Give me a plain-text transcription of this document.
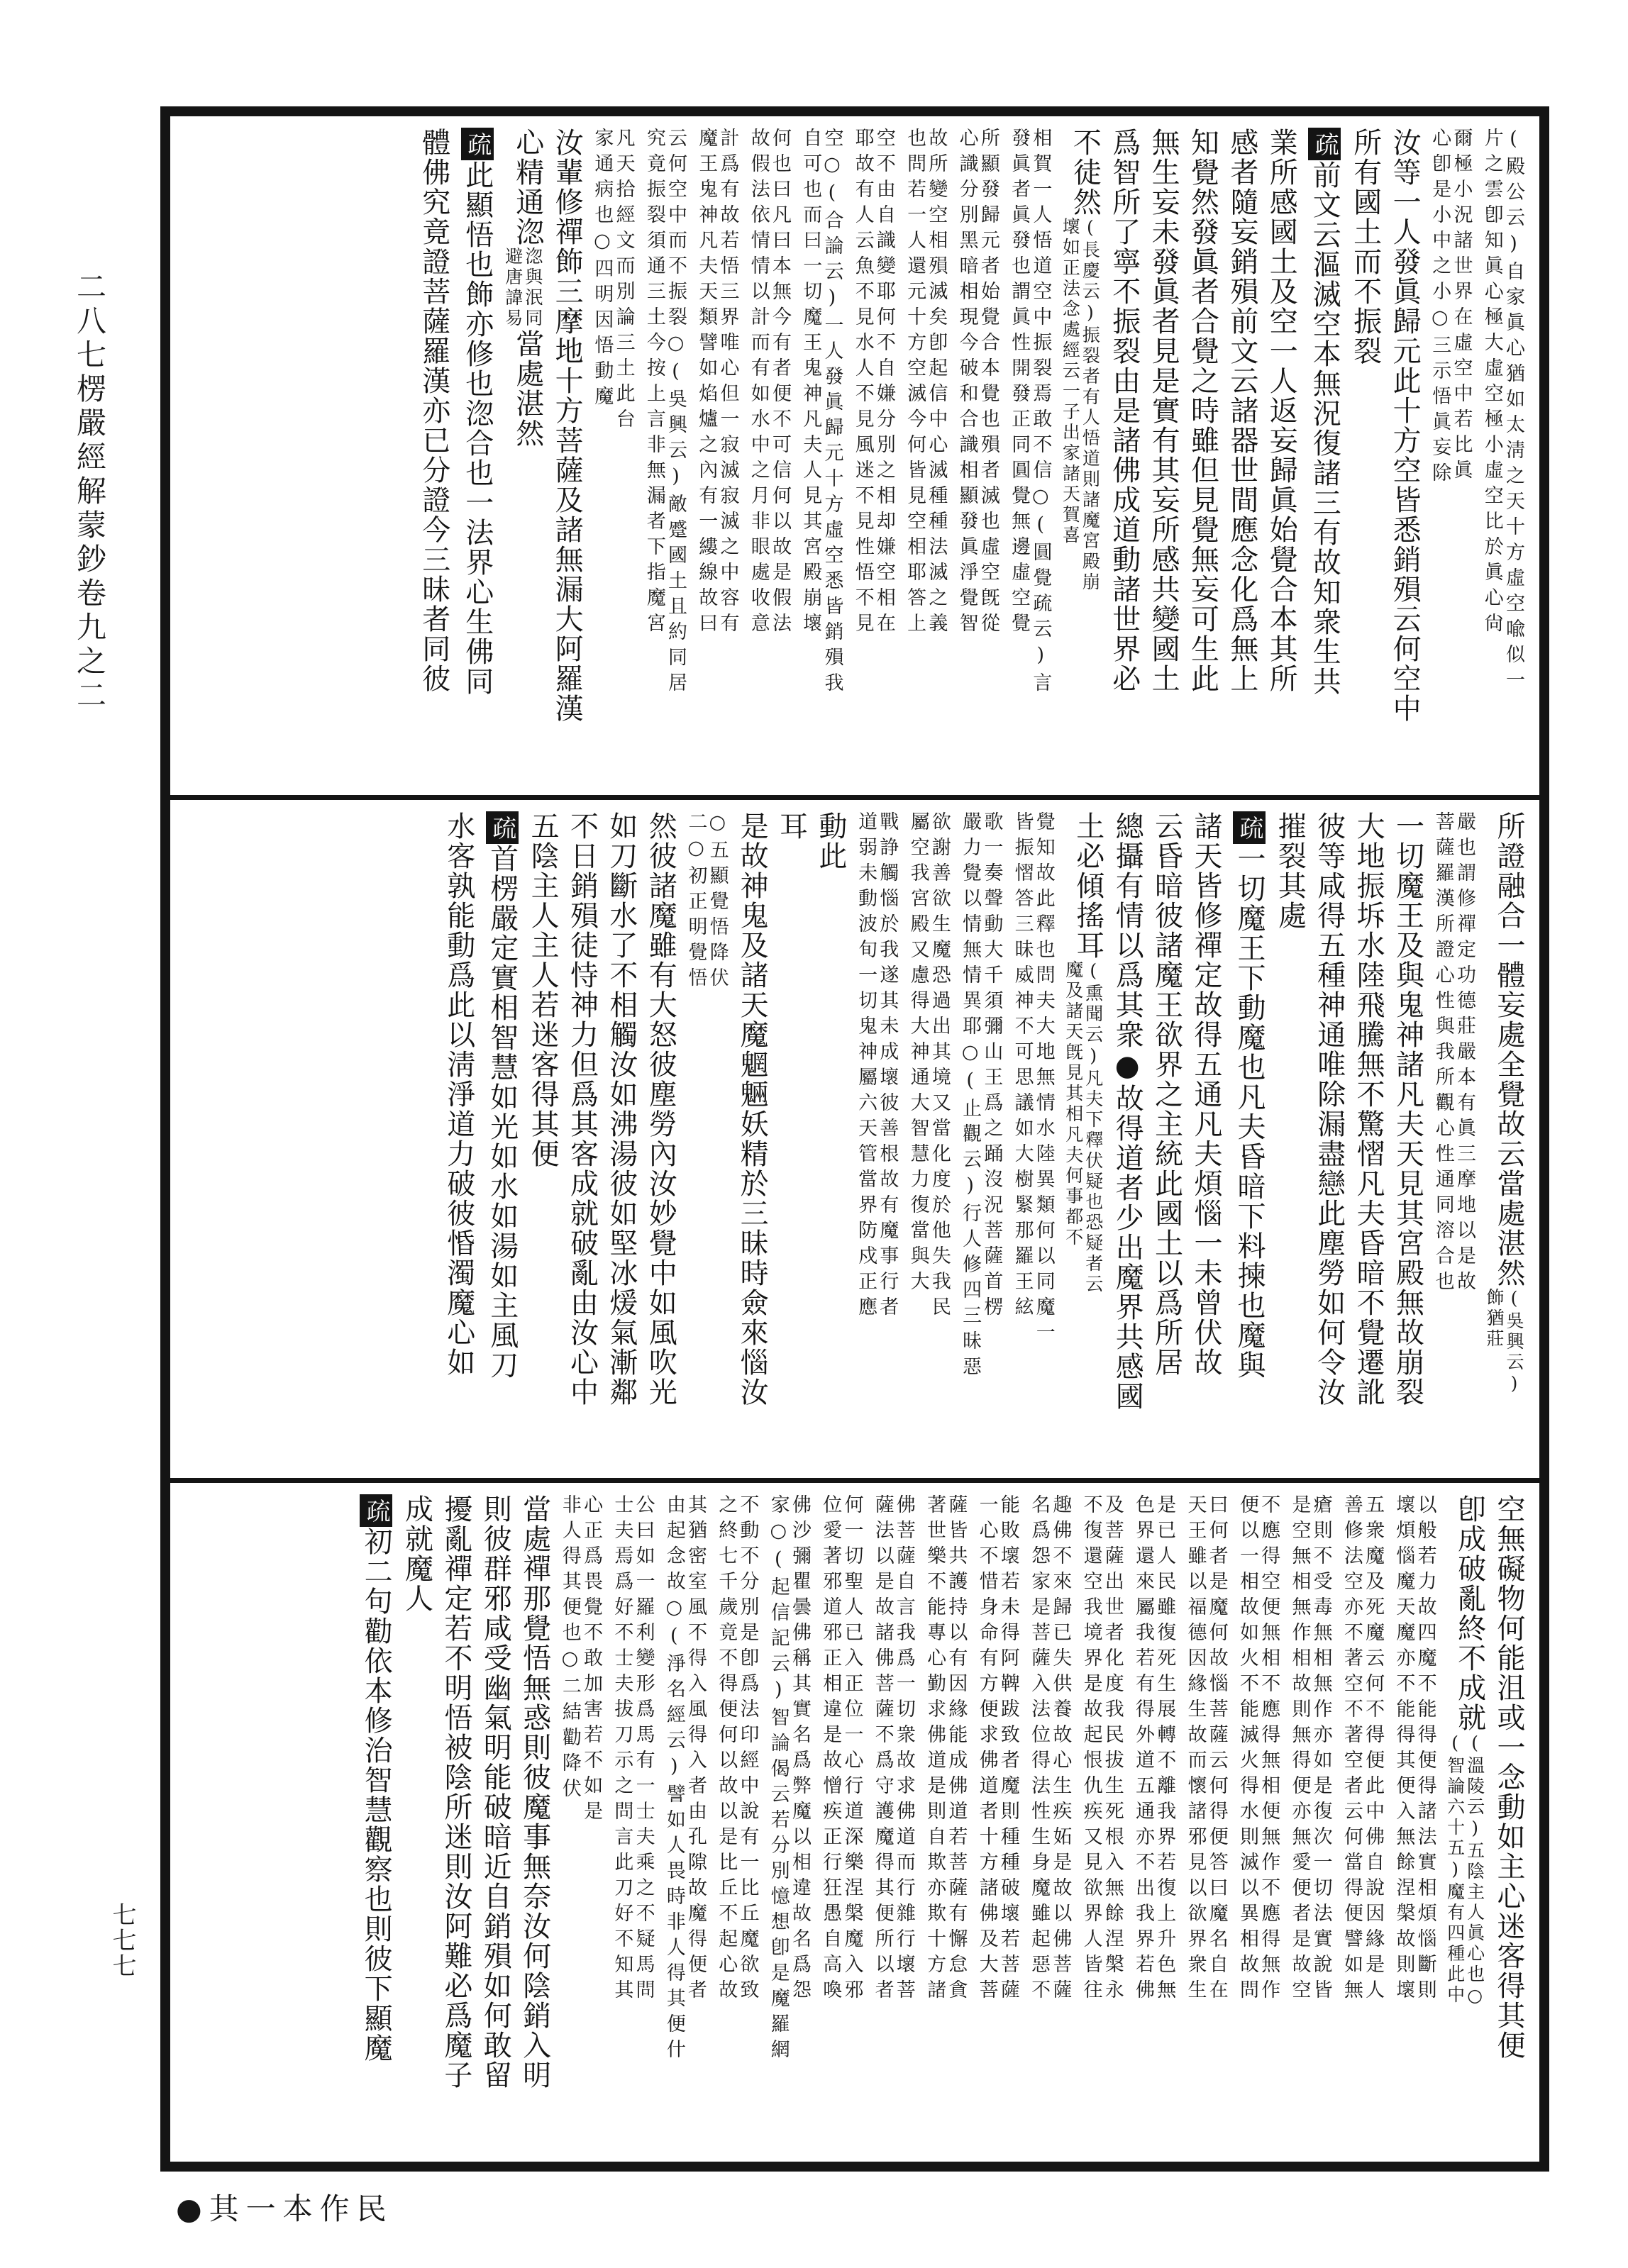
二八七楞嚴經解蒙鈔卷九之二
七七七
(殿公云)自家眞心猶如太淸之天十方虛空喩似一
片之雲卽知眞心極大虛空極小虛空比於眞心尙
爾極小況諸世界在虛空中若比眞
心卽是小中之小○三示悟眞妄除
汝等一人發眞歸元此十方空皆悉銷殞云何空中
所有國土而不振裂
疏前文云漚滅空本無況復諸三有故知衆生共
業所感國土及空一人返妄歸眞始覺合本其所
感者隨妄銷殞前文云諸器世間應念化爲無上
知覺然發眞者合覺之時雖但見覺無妄可生此
無生妄未發眞者見是實有其妄所感共變國土
爲智所了寧不振裂由是諸佛成道動諸世界必
不徒然
(長慶云)振裂者有人悟道則諸魔宮殿崩
壞如正法念處經云一子出家諸天賀喜
相賀一人悟道空中振裂焉敢不信○(圓覺疏云)言
發眞者眞發也謂眞性開發正同圓覺無邊虛空覺
所顯發歸元者始覺合本覺也殞者滅也虛空旣從
心識分別黑暗相現今破和合識相顯發眞淨覺智
故所變空相殞滅矣卽起信中心滅種種法滅之義
也問若一人還元十方空滅今何皆見空相耶答上
空不由自識變耶何不自嫌分別之相却嫌空相在
耶故有人云魚不見水人不見風迷不見性悟不見
空○(合論云)一人發眞歸元十方虛空悉皆銷殞我
自可也而曰一切魔王鬼神凡夫人見其宮殿崩壞
何也曰凡曰本無今有者便不可信何以故是假法
故假法依情情以計而有如水中之月非眼處收意
計爲有故若悟三界唯心但一寂滅寂滅之中容有
魔王鬼神凡夫天類譬如焰爐之內有一縷線故曰
云何空中而不振裂○(吳興云)敵蹙國土且約同居
究竟振裂須通三土今按上言非無漏者下指魔宮
凡天拾經文而別論三土此台
家通病也○四明因悟動魔
汝輩修禪飾三摩地十方菩薩及諸無漏大阿羅漢
心精通淴
淴與泯同
避唐諱易
當處湛然
疏此顯悟也飾亦修也淴合也一法界心生佛同
體佛究竟證菩薩羅漢亦已分證今三昧者同彼
所證融合一體妄處全覺故云當處湛然
(吳興云)
飾猶莊
嚴也謂修禪定功德莊嚴本有眞三摩地以是故
菩薩羅漢所證心性與我所觀心性通同溶合也
一切魔王及與鬼神諸凡夫天見其宮殿無故崩裂
大地振坼水陸飛騰無不驚慴凡夫昏暗不覺遷訛
彼等咸得五種神通唯除漏盡戀此塵勞如何令汝
摧裂其處
疏一切魔王下動魔也凡夫昏暗下料揀也魔與
諸天皆修禪定故得五通凡夫煩惱一未曾伏故
云昏暗彼諸魔王欲界之主統此國土以爲所居
總攝有情以爲其衆●故得道者少出魔界共感國
土必傾搖耳
(熏聞云)凡夫下釋伏疑也恐疑者云
魔及諸天旣見其相凡夫何事都不
覺知故此釋也問夫大地無情水陸異類何以同魔一
皆振慴答三昧威神不可思議如大樹緊那羅王絃
歌一奏聲動大千須彌山王爲之踊沒況菩薩首楞
嚴力覺以情無情異耶○(止觀云)行人修四三昧惡
欲謝善欲生魔恐過出其境又當化度於他失我民
屬空我宮殿又慮得大神通大智慧力復當與大
戰諍觸惱於我遂其未成壞彼善根故有魔事行者
道弱未動波旬一切鬼神屬六天管當界防戍正應
動此
耳
是故神鬼及諸天魔魍魎妖精於三昧時僉來惱汝
○五顯覺悟降伏
二○初正明覺悟
然彼諸魔雖有大怒彼塵勞內汝妙覺中如風吹光
如刀斷水了不相觸汝如沸湯彼如堅冰煖氣漸鄰
不日銷殞徒恃神力但爲其客成就破亂由汝心中
五陰主人主人若迷客得其便
疏首楞嚴定實相智慧如光如水如湯如主風刀
水客孰能動爲此以淸淨道力破彼惛濁魔心如
空無礙物何能沮或一念動如主心迷客得其便
卽成破亂終不成就
(溫陵云)五陰主人眞心也○
(智論六十五)魔有四種此中
以般若力故四魔不能得便得諸法實相煩惱斷則
壞煩惱魔天魔亦不能得其便入無餘涅槃故則壞
五衆魔及死魔云何不得便此中佛自說因緣是人
善修法空亦不著空不著空者云何當得便譬如無
瘡則不受毒無相無作亦如是復次一切法實說皆
是空無相無作相故則無得便亦無愛便者是故空
不應得空便無相不應得無相便無作不應得無作
便以一相故如火不能滅火得水則滅以異相故問
曰何者是魔何故惱菩薩云何得便答曰魔名自在
天王雖以福德因緣生故而懷諸邪見以欲界衆生
是已人民雖復死生展轉不離我界若復上升色無
色界還來屬我若有得外道五通亦不出我界若佛
及菩薩出世者化度我民拔生死根入無餘涅槃永
不復還空我境界是故起恨仇疾又見欲界人皆往
趣佛不來歸已失供養故心生疾妬是故以佛菩薩
名爲怨家是菩薩入法位得法性生身魔雖起惡不
能敗壞若未得阿鞞跋致者魔則種種破壞若菩薩
一心不惜身命有方便求佛道者十方諸佛及大菩
薩皆共護持以有因緣能成佛道若菩薩有懈怠貪
著世樂不能專心勤求佛道是則自欺亦欺十方諸
佛菩薩自言我爲一切衆故求佛道而行雜行壞菩
薩法以是故諸佛菩薩不爲守護魔得其便所以者
何一切聖人已入正位一心行道深樂涅槃魔入邪
位愛著邪道邪正相違是故憎疾正行狂愚自高喚
佛沙彌瞿曇佛稱其實名爲弊魔以相違故名爲怨
家○(起信記云)智論偈云若分別憶想卽是魔羅網
不動不分別是卽爲法印經中說有一比丘魔欲致
之終七千歲竟不得便何以故以是比丘不起心故
其猶密室風不得入風得入者由孔隙故魔得便者
由起念故○(淨名經云)譬如人畏時非人得其便什
公曰如一羅利變形爲馬有一士夫乘之不疑馬問
士夫焉爲好不士夫拔刀示之問言此刀好不知其
心正爲畏覺不敢加害若不如是
非人得其便也○二結勸降伏
當處禪那覺悟無惑則彼魔事無奈汝何陰銷入明
則彼群邪咸受幽氣明能破暗近自銷殞如何敢留
擾亂禪定若不明悟被陰所迷則汝阿難必爲魔子
成就魔人
疏初二句勸依本修治智慧觀察也則彼下顯魔
●其一本作民
